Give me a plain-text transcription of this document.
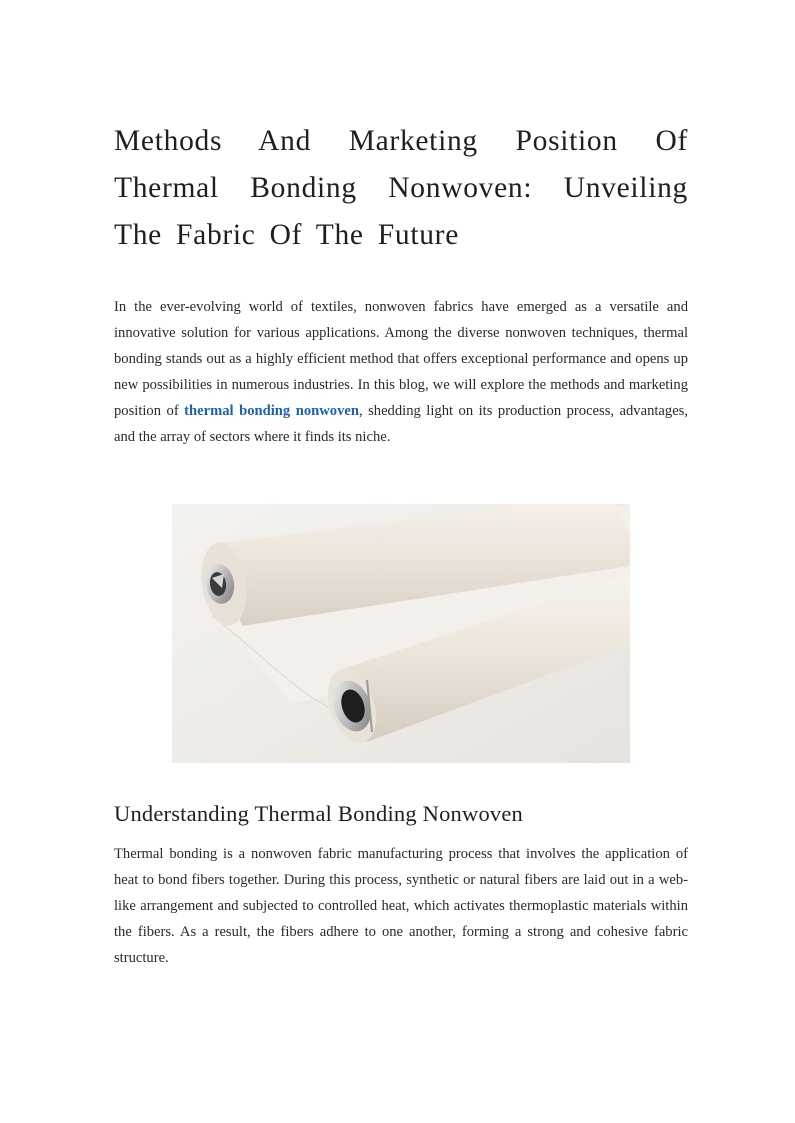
Methods And Marketing Position Of Thermal Bonding Nonwoven: Unveiling The Fabric Of The Future

In the ever-evolving world of textiles, nonwoven fabrics have emerged as a versatile and innovative solution for various applications. Among the diverse nonwoven techniques, thermal bonding stands out as a highly efficient method that offers exceptional performance and opens up new possibilities in numerous industries. In this blog, we will explore the methods and marketing position of thermal bonding nonwoven, shedding light on its production process, advantages, and the array of sectors where it finds its niche.

Understanding Thermal Bonding Nonwoven

Thermal bonding is a nonwoven fabric manufacturing process that involves the application of heat to bond fibers together. During this process, synthetic or natural fibers are laid out in a web-like arrangement and subjected to controlled heat, which activates thermoplastic materials within the fibers. As a result, the fibers adhere to one another, forming a strong and cohesive fabric structure.
